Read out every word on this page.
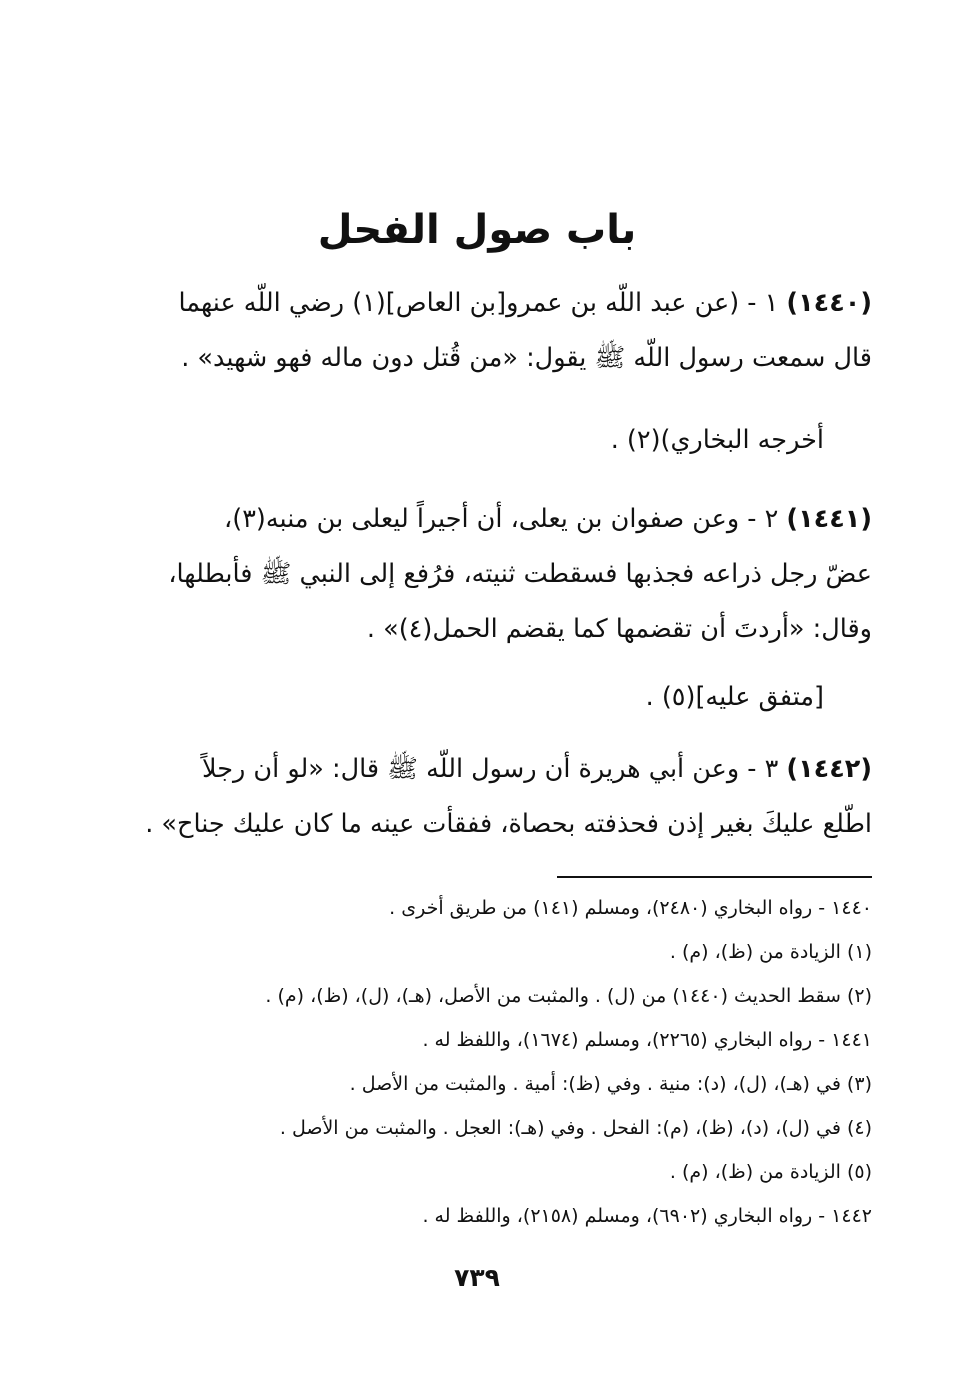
باب صول الفحل
(١٤٤٠) ١ - (عن عبد اللّه بن عمرو[بن العاص](١) رضي اللّه عنهما
قال سمعت رسول اللّه ﷺ يقول: «من قُتل دون ماله فهو شهيد» .
أخرجه البخاري)(٢) .
(١٤٤١) ٢ - وعن صفوان بن يعلى، أن أجيراً ليعلى بن منبه(٣)،
عضّ رجل ذراعه فجذبها فسقطت ثنيته، فرُفع إلى النبي ﷺ فأبطلها،
وقال: «أردتَ أن تقضمها كما يقضم الحمل(٤)» .
[متفق عليه](٥) .
(١٤٤٢) ٣ - وعن أبي هريرة أن رسول اللّه ﷺ قال: «لو أن رجلاً
اطّلع عليكَ بغير إذن فحذفته بحصاة، ففقأت عينه ما كان عليك جناح» .
١٤٤٠ - رواه البخاري (٢٤٨٠)، ومسلم (١٤١) من طريق أخرى .
(١) الزيادة من (ظ)، (م) .
(٢) سقط الحديث (١٤٤٠) من (ل) . والمثبت من الأصل، (هـ)، (ل)، (ظ)، (م) .
١٤٤١ - رواه البخاري (٢٢٦٥)، ومسلم (١٦٧٤)، واللفظ له .
(٣) في (هـ)، (ل)، (د): منية . وفي (ظ): أمية . والمثبت من الأصل .
(٤) في (ل)، (د)، (ظ)، (م): الفحل . وفي (هـ): العجل . والمثبت من الأصل .
(٥) الزيادة من (ظ)، (م) .
١٤٤٢ - رواه البخاري (٦٩٠٢)، ومسلم (٢١٥٨)، واللفظ له .
٧٣٩
